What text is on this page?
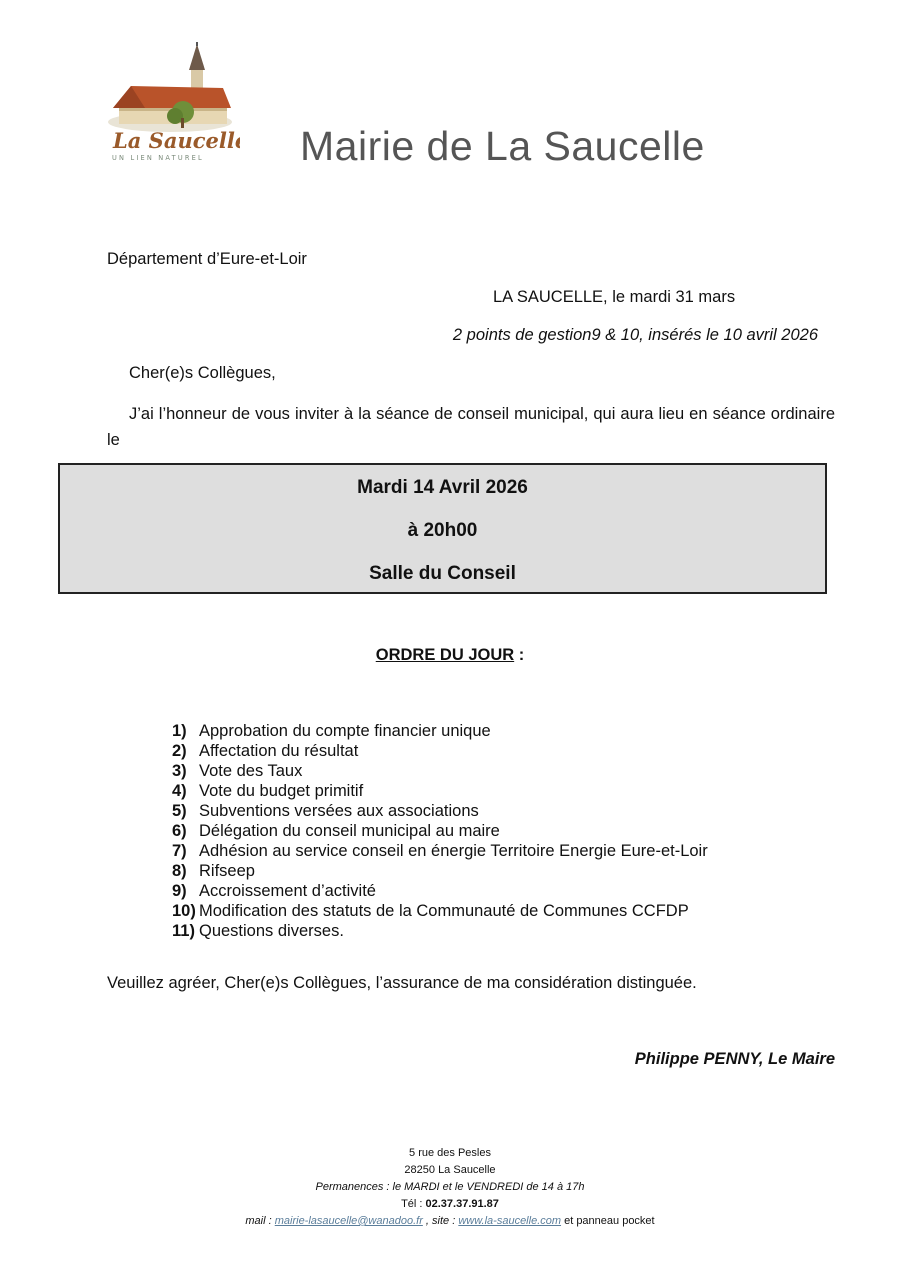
La Saucelle
UN LIEN NATUREL Mairie de La Saucelle
Département d’Eure-et-Loir
LA SAUCELLE, le mardi 31 mars
2 points de gestion9 & 10, insérés le 10 avril 2026
Cher(e)s Collègues,
J’ai l’honneur de vous inviter à la séance de conseil municipal, qui aura lieu en séance ordinaire le
Mardi 14 Avril 2026
à 20h00
Salle du Conseil
ORDRE DU JOUR :
1) Approbation du compte financier unique
2) Affectation du résultat
3) Vote des Taux
4) Vote du budget primitif
5) Subventions versées aux associations
6) Délégation du conseil municipal au maire
7) Adhésion au service conseil en énergie Territoire Energie Eure-et-Loir
8) Rifseep
9) Accroissement d’activité
10) Modification des statuts de la Communauté de Communes CCFDP
11) Questions diverses.
Veuillez agréer, Cher(e)s Collègues, l’assurance de ma considération distinguée.
Philippe PENNY, Le Maire
5 rue des Pesles
28250 La Saucelle
Permanences : le MARDI et le VENDREDI de 14 à 17h
Tél : 02.37.37.91.87
mail : mairie-lasaucelle@wanadoo.fr , site : www.la-saucelle.com et panneau pocket
